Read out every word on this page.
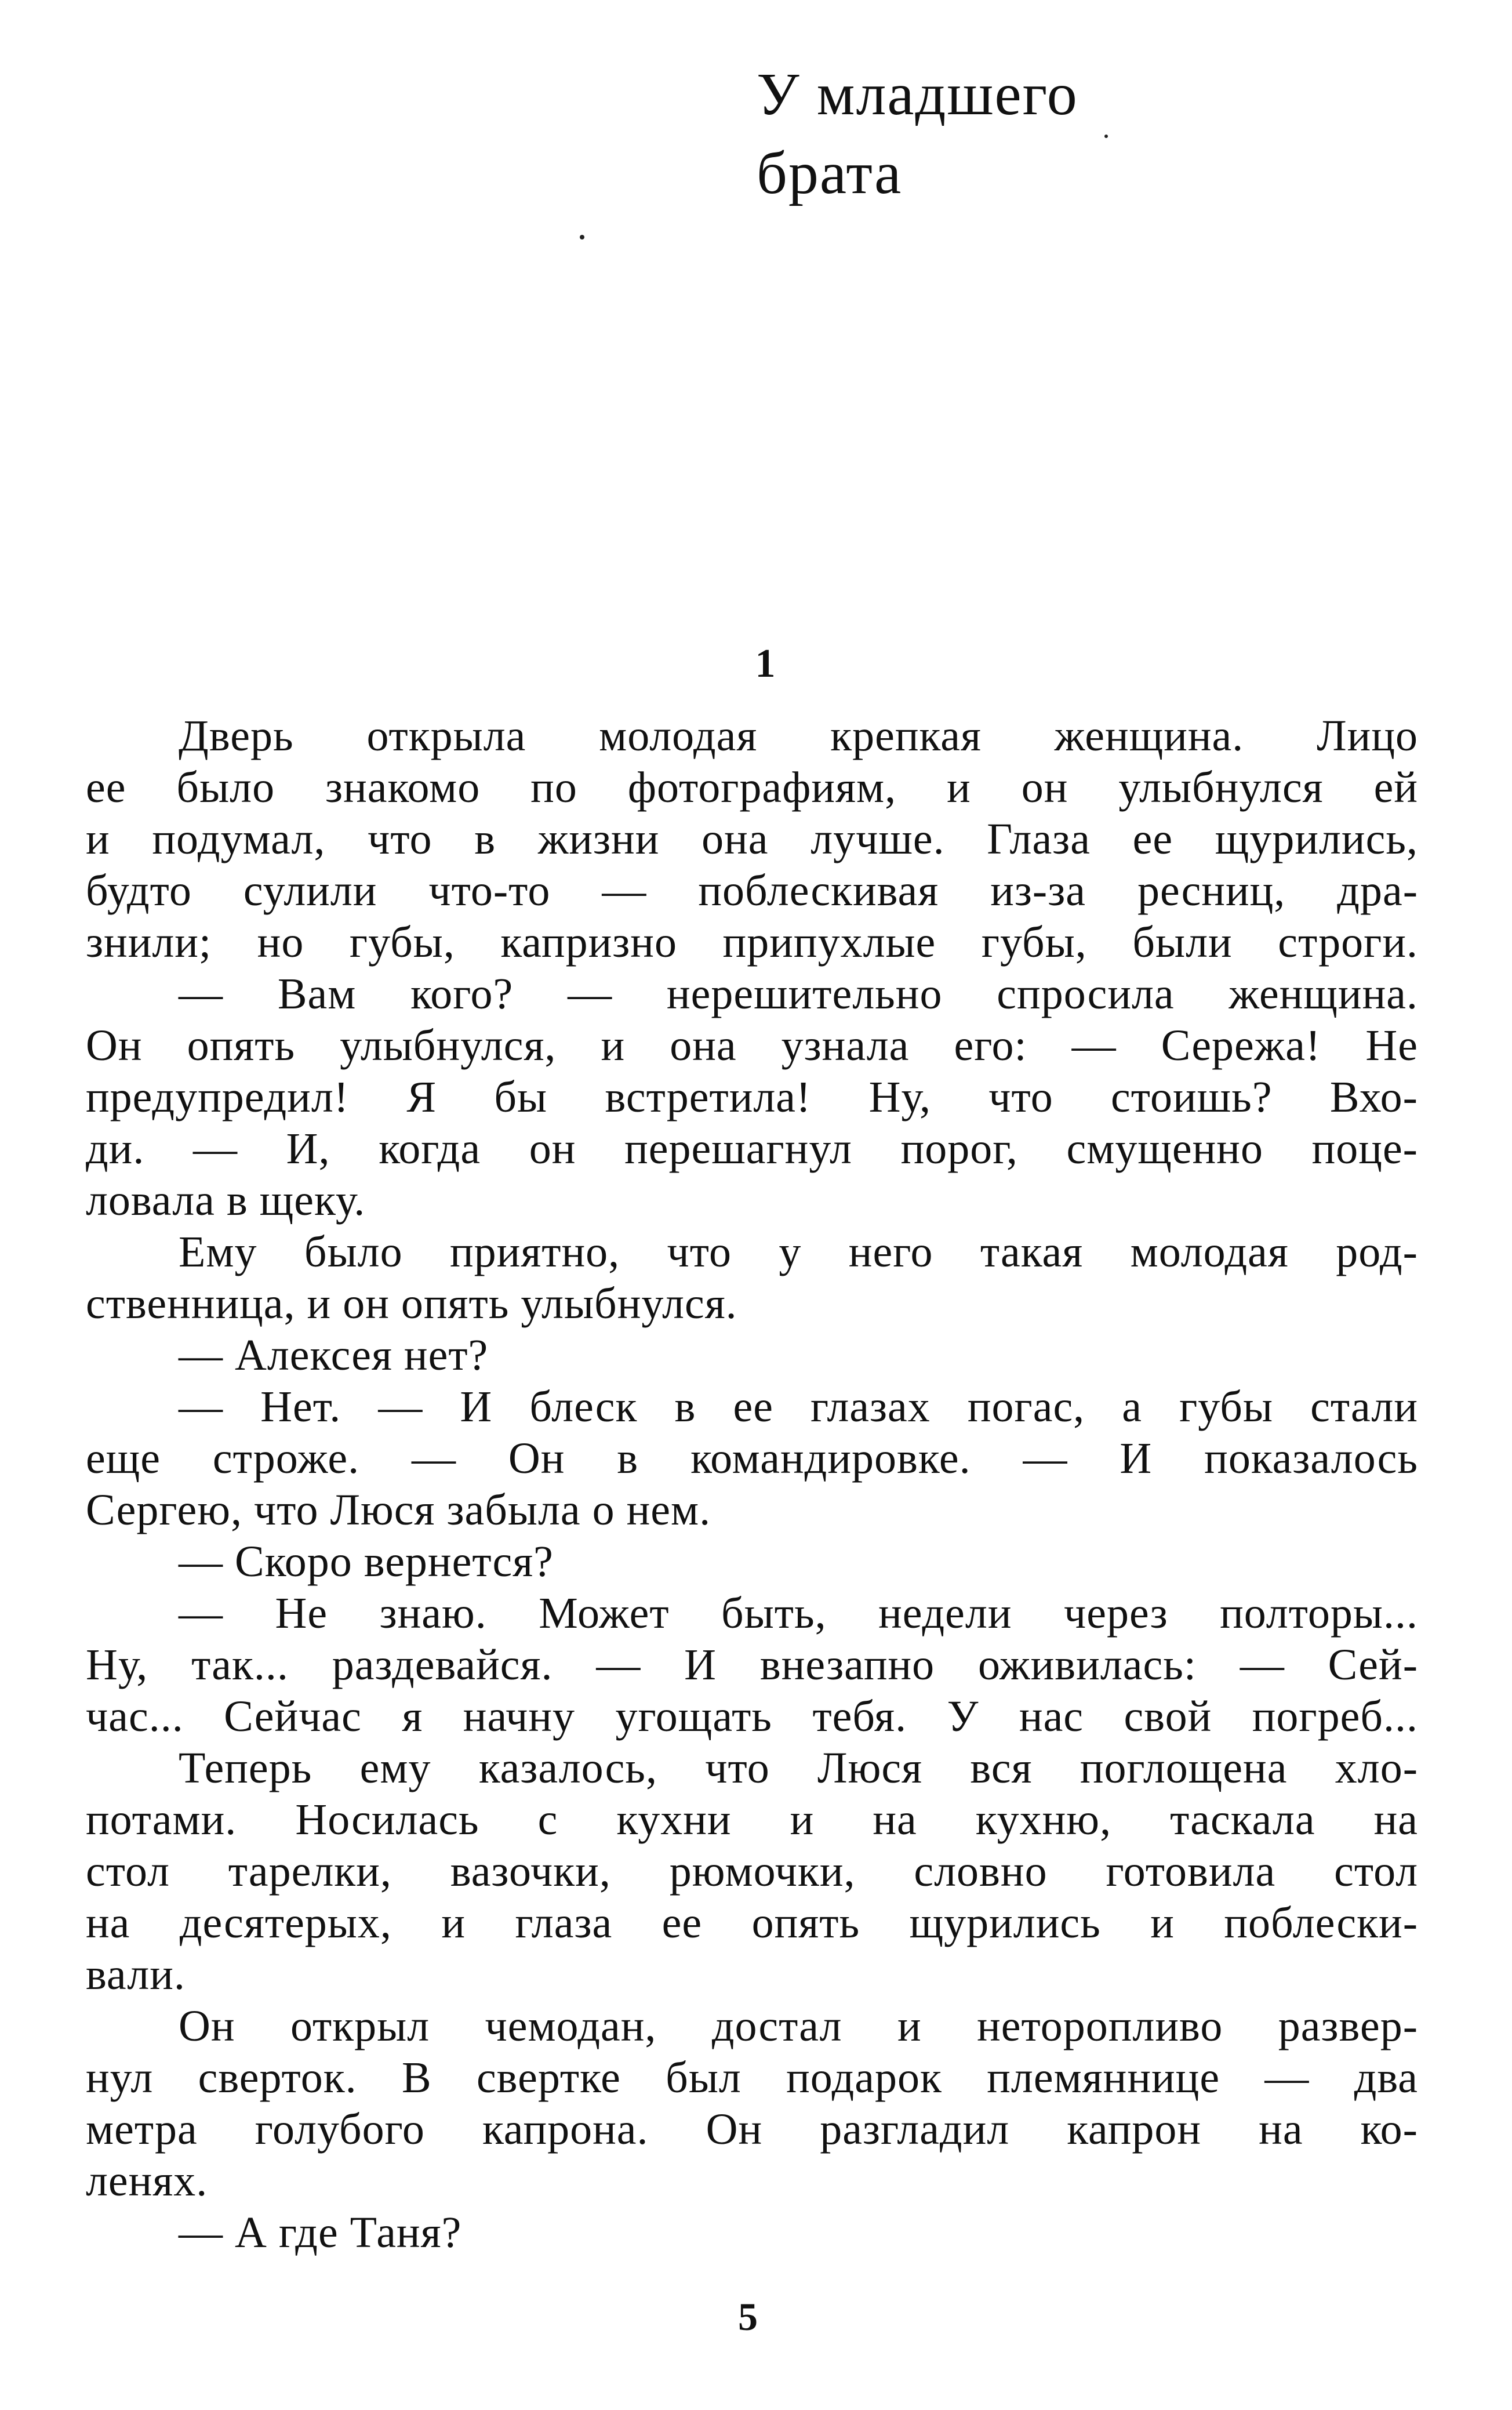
У младшего
брата
1
Дверь открыла молодая крепкая женщина. Лицо
ее было знакомо по фотографиям, и он улыбнулся ей
и подумал, что в жизни она лучше. Глаза ее щурились,
будто сулили что-то — поблескивая из-за ресниц, дра-
знили; но губы, капризно припухлые губы, были строги.
— Вам кого? — нерешительно спросила женщина.
Он опять улыбнулся, и она узнала его: — Сережа! Не
предупредил! Я бы встретила! Ну, что стоишь? Вхо-
ди. — И, когда он перешагнул порог, смущенно поце-
ловала в щеку.
Ему было приятно, что у него такая молодая род-
ственница, и он опять улыбнулся.
— Алексея нет?
— Нет. — И блеск в ее глазах погас, а губы стали
еще строже. — Он в командировке. — И показалось
Сергею, что Люся забыла о нем.
— Скоро вернется?
— Не знаю. Может быть, недели через полторы...
Ну, так... раздевайся. — И внезапно оживилась: — Сей-
час... Сейчас я начну угощать тебя. У нас свой погреб...
Теперь ему казалось, что Люся вся поглощена хло-
потами. Носилась с кухни и на кухню, таскала на
стол тарелки, вазочки, рюмочки, словно готовила стол
на десятерых, и глаза ее опять щурились и поблески-
вали.
Он открыл чемодан, достал и неторопливо развер-
нул сверток. В свертке был подарок племяннице — два
метра голубого капрона. Он разгладил капрон на ко-
ленях.
— А где Таня?
5
